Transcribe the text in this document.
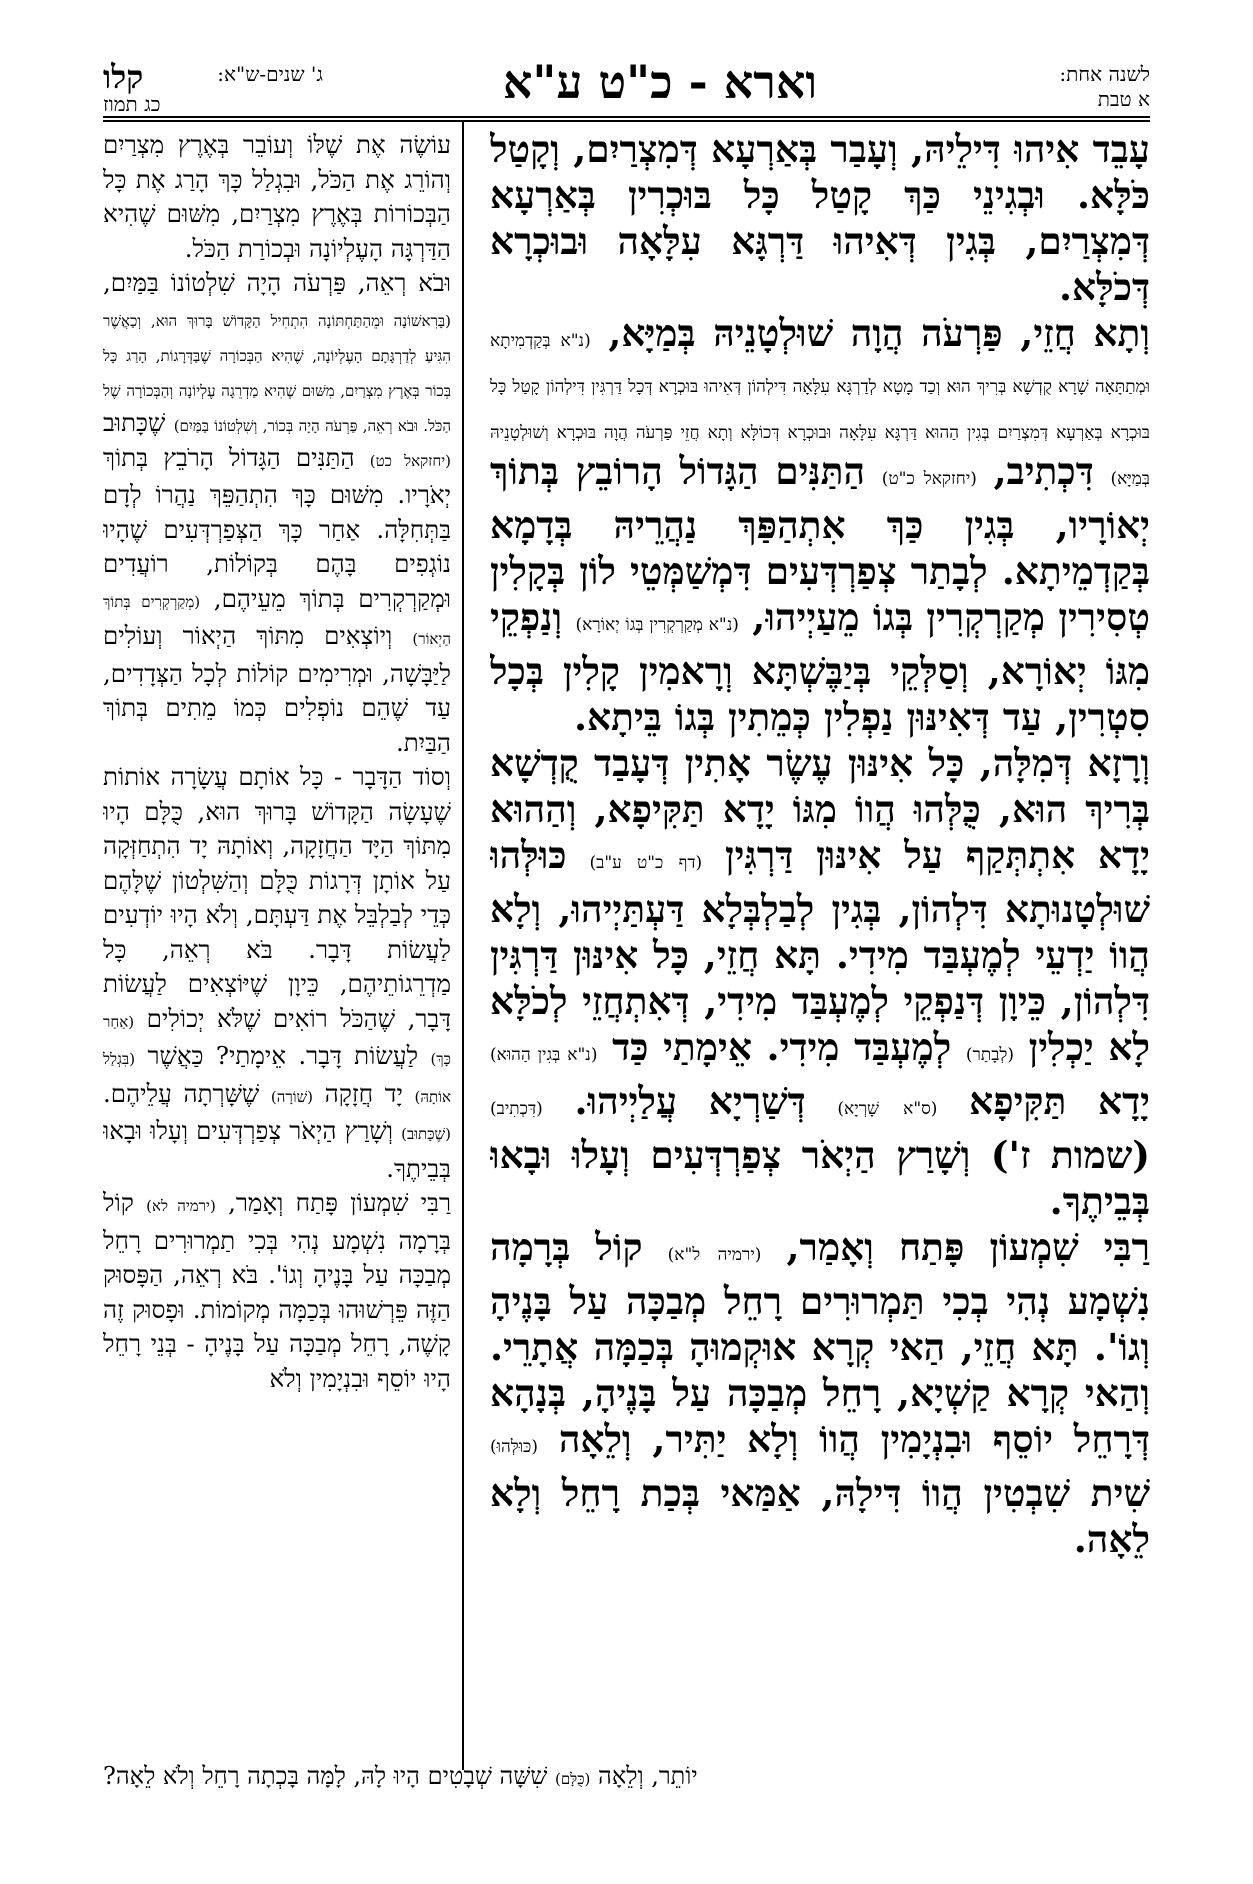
לשנה אחת:
א טבת
וארא - כ"ט ע"א
ג' שנים-ש"א:
קלו
כג תמוז

עָבֵד אִיהוּ דִּילֵיהּ, וְעָבַר בְּאַרְעָא דְּמִצְרַיִם, וְקָטַל כֹּלָּא. וּבְגִינֵי כַּךְ קָטַל כָּל בּוּכְרִין בְּאַרְעָא דְּמִצְרַיִם, בְּגִין דְּאִיהוּ דַּרְגָּא עִלָּאָה וּבוּכְרָא דְּכֹלָּא.

וְתָא חֲזֵי, פַּרְעֹה הֲוָה שׁוּלְטָנֵיהּ בְּמַיָּא, (נ"א בְּקַדְמִיתָא וּמְתַתָּאָה שָׁרָא קֻדְשָׁא בְּרִיךְ הוּא וְכַד מָטָא לְדַרְגָּא עִלָּאָה דִּילְהוֹן דְּאִיהוּ בּוּכְרָא דְּכָל דַּרְגִּין דִּילְהוֹן קָטַל כָּל בּוּכְרָא בְּאַרְעָא דְּמִצְרַיִם בְּגִין הַהוּא דַּרְגָּא עִלָּאָה וּבוּכְרָא דְּכוֹלָּא וְתָא חֲזֵי פַּרְעֹה הֲוָה בּוּכְרָא וְשׁוּלְטָנֵיהּ בְּמַיָּא) דִּכְתִיב, (יחזקאל כ"ט) הַתַּנִּים הַגָּדוֹל הָרוֹבֵץ בְּתוֹךְ יְאוֹרָיו, בְּגִין כַּךְ אִתְהַפַּךְ נַהֲרֵיהּ בְּדָמָא בְּקַדְמֵיתָא. לְבָתַר צְפַרְדְּעִים דִּמְשַׁמְּטֵי לוֹן בְּקָלִין טְסִירִין מְקַרְקְרִין בְּגוֹ מֵעַיְיהוּ, (נ"א מְקַרְקְרִין בְּגוֹ יְאוֹרָא) וְנַפְקֵי מִגּוֹ יְאוֹרָא, וְסַלְּקֵי בְּיַבֶּשְׁתָּא וְרָאמִין קָלִין בְּכָל סִטְרִין, עַד דְּאִינּוּן נַפְלִין כְּמֵתִין בְּגוֹ בֵּיתָא.

וְרָזָא דְּמִלָּה, כָּל אִינּוּן עֶשֶׂר אָתִין דְּעָבַד קֻדְשָׁא בְּרִיךְ הוּא, כֻּלְּהוּ הֲווֹ מִגּוֹ יָדָא תַּקִּיפָא, וְהַהוּא יָדָא אִתְתְּקַף עַל אִינּוּן דַּרְגִּין (דף כ"ט ע"ב) כּוּלְּהוּ שׁוּלְטָנוּתָא דִּלְהוֹן, בְּגִין לְבַלְבְּלָא דַּעְתַּיְיהוּ, וְלָא הֲווֹ יַדְעֵי לְמֶעְבַּד מִידִי. תָּא חֲזֵי, כָּל אִינּוּן דַּרְגִּין דִּלְהוֹן, כֵּיוָן דְּנַפְקֵי לְמֶעְבַּד מִידִי, דְּאִתְחֲזֵי לְכֹלָּא לָא יַכְלִין (לְבָתַר) לְמֶעְבַּד מִידִי. אֵימָתַי כַּד (נ"א בְּגִין הַהוּא) יָדָא תַּקִּיפָא (ס"א שָׁרְיָא) דְּשַׁרְיָא עֲלַיְיהוּ. (דִּכְתִיב) (שמות ז') וְשָׁרַץ הַיְאֹר צְפַרְדְּעִים וְעָלוּ וּבָאוּ בְּבֵיתֶךָ.

רַבִּי שִׁמְעוֹן פָּתַח וְאָמַר, (ירמיה ל"א) קוֹל בְּרָמָה נִשְׁמָע נְהִי בְכִי תַּמְרוּרִים רָחֵל מְבַכָּה עַל בָּנֶיהָ וְגוֹ'. תָּא חֲזֵי, הַאי קְרָא אוּקְמוּהָ בְּכַמָּה אֲתָרֵי. וְהַאי קְרָא קַשְׁיָא, רָחֵל מְבַכָּה עַל בָּנֶיהָ, בְּנָהָא דְּרָחֵל יוֹסֵף וּבִנְיָמִין הֲווֹ וְלָא יַתִּיר, וְלֵאָה (כּוּלְּהוּ) שִׁית שִׁבְטִין הֲווֹ דִּילָהּ, אַמַּאי בְּכַת רָחֵל וְלָא לֵאָה.

עוֹשֶׂה אֶת שֶׁלּוֹ וְעוֹבֵר בְּאֶרֶץ מִצְרַיִם וְהוֹרֵג אֶת הַכֹּל, וּבִגְלַל כָּךְ הָרַג אֶת כָּל הַבְּכוֹרוֹת בְּאֶרֶץ מִצְרַיִם, מִשּׁוּם שֶׁהִיא הַדַּרְגָּה הָעֶלְיוֹנָה וּבְכוֹרַת הַכֹּל.

וּבֹא רְאֵה, פַּרְעֹה הָיָה שִׁלְטוֹנוֹ בַּמַּיִם, (בָּרִאשׁוֹנָה וּמֵהַתַּחְתּוֹנָה הִתְחִיל הַקָּדוֹשׁ בָּרוּךְ הוּא, וְכַאֲשֶׁר הִגִּיעַ לְדַרְגָּתָם הָעֶלְיוֹנָה, שֶׁהִיא הַבְּכוֹרָה שֶׁבַּדְּרָגוֹת, הָרַג כָּל בְּכוֹר בְּאֶרֶץ מִצְרַיִם, מִשּׁוּם שֶׁהִיא מַדְרֵגָה עֶלְיוֹנָה וְהַבְּכוֹרָה שֶׁל הַכֹּל. וּבֹא רְאֵה, פַּרְעֹה הָיָה בְּכוֹר, וְשִׁלְטוֹנוֹ בַּמַּיִם) שֶׁכָּתוּב (יחזקאל כט) הַתַּנִּים הַגָּדוֹל הָרֹבֵץ בְּתוֹךְ יְאֹרָיו. מִשּׁוּם כָּךְ הִתְהַפֵּךְ נַהֲרוֹ לְדָם בַּתְּחִלָּה. אַחַר כָּךְ הַצְּפַרְדְּעִים שֶׁהָיוּ נוֹגְפִים בָּהֶם בְּקוֹלוֹת, רוֹעֲדִים וּמְקַרְקְרִים בְּתוֹךְ מֵעֵיהֶם, (מְקַרְקְרִים בְּתוֹךְ הַיְאוֹר) וְיוֹצְאִים מִתּוֹךְ הַיְאוֹר וְעוֹלִים לַיַּבָּשָׁה, וּמְרִימִים קוֹלוֹת לְכָל הַצְּדָדִים, עַד שֶׁהֵם נוֹפְלִים כְּמוֹ מֵתִים בְּתוֹךְ הַבַּיִת.

וְסוֹד הַדָּבָר - כָּל אוֹתָם עֲשָׂרָה אוֹתוֹת שֶׁעָשָׂה הַקָּדוֹשׁ בָּרוּךְ הוּא, כֻּלָּם הָיוּ מִתּוֹךְ הַיָּד הַחֲזָקָה, וְאוֹתָהּ יָד הִתְחַזְּקָה עַל אוֹתָן דְּרָגוֹת כֻּלָּם וְהַשִּׁלְטוֹן שֶׁלָּהֶם כְּדֵי לְבַלְבֵּל אֶת דַּעְתָּם, וְלֹא הָיוּ יוֹדְעִים לַעֲשׂוֹת דָּבָר. בֹּא רְאֵה, כָּל מַדְרֵגוֹתֵיהֶם, כֵּיוָן שֶׁיּוֹצְאִים לַעֲשׂוֹת דָּבָר, שֶׁהַכֹּל רוֹאִים שֶׁלֹּא יְכוֹלִים (אַחַר כָּךְ) לַעֲשׂוֹת דָּבָר. אֵימָתַי? כַּאֲשֶׁר (בִּגְלַל אוֹתָהּ) יָד חֲזָקָה (שׁוֹרָה) שֶׁשָּׁרְתָה עֲלֵיהֶם. (שֶׁכָּתוּב) וְשָׁרַץ הַיְאֹר צְפַרְדְּעִים וְעָלוּ וּבָאוּ בְּבֵיתֶךָ.

רַבִּי שִׁמְעוֹן פָּתַח וְאָמַר, (ירמיה לא) קוֹל בְּרָמָה נִשְׁמָע נְהִי בְּכִי תַמְרוּרִים רָחֵל מְבַכָּה עַל בָּנֶיהָ וְגוֹ'. בֹּא רְאֵה, הַפָּסוּק הַזֶּה פֵּרְשׁוּהוּ בְּכַמָּה מְקוֹמוֹת. וּפָסוּק זֶה קָשֶׁה, רָחֵל מְבַכָּה עַל בָּנֶיהָ - בְּנֵי רָחֵל הָיוּ יוֹסֵף וּבִנְיָמִין וְלֹא

יוֹתֵר, וְלֵאָה (כֻּלָּם) שִׁשָּׁה שְׁבָטִים הָיוּ לָהּ, לָמָּה בָּכְתָה רָחֵל וְלֹא לֵאָה?
